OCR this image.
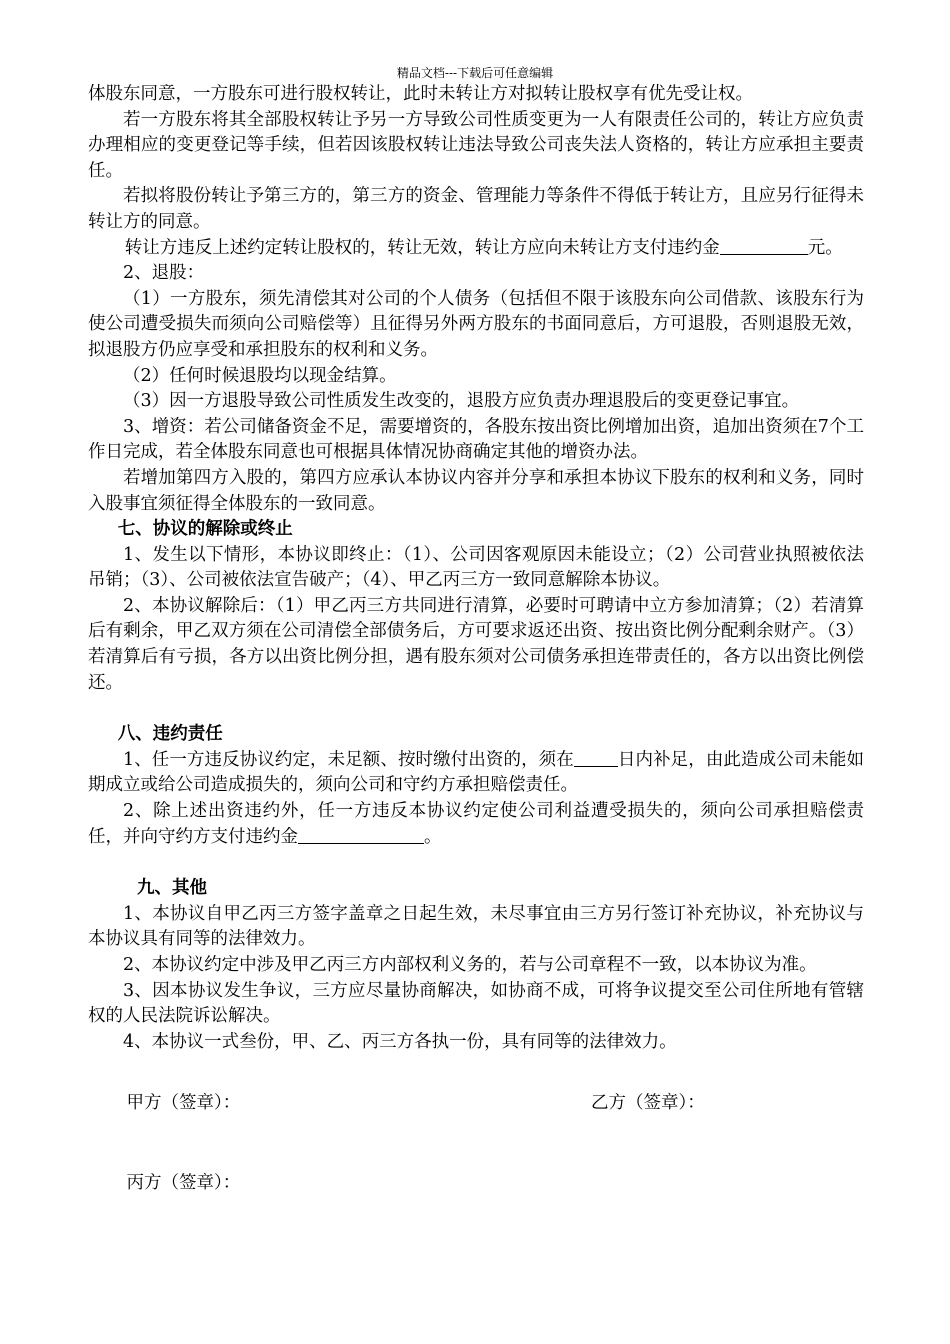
精品文档---下载后可任意编辑

体股东同意，一方股东可进行股权转让，此时未转让方对拟转让股权享有优先受让权。

若一方股东将其全部股权转让予另一方导致公司性质变更为一人有限责任公司的，转让方应负责办理相应的变更登记等手续，但若因该股权转让违法导致公司丧失法人资格的，转让方应承担主要责任。

若拟将股份转让予第三方的，第三方的资金、管理能力等条件不得低于转让方，且应另行征得未转让方的同意。

转让方违反上述约定转让股权的，转让无效，转让方应向未转让方支付违约金	元。

2、退股：

（1）一方股东，须先清偿其对公司的个人债务（包括但不限于该股东向公司借款、该股东行为使公司遭受损失而须向公司赔偿等）且征得另外两方股东的书面同意后，方可退股，否则退股无效，拟退股方仍应享受和承担股东的权利和义务。

（2）任何时候退股均以现金结算。

（3）因一方退股导致公司性质发生改变的，退股方应负责办理退股后的变更登记事宜。

3、增资：若公司储备资金不足，需要增资的，各股东按出资比例增加出资，追加出资须在7个工作日完成，若全体股东同意也可根据具体情况协商确定其他的增资办法。

若增加第四方入股的，第四方应承认本协议内容并分享和承担本协议下股东的权利和义务，同时入股事宜须征得全体股东的一致同意。

七、协议的解除或终止

1、发生以下情形，本协议即终止：（1）、公司因客观原因未能设立；（2）公司营业执照被依法吊销；（3）、公司被依法宣告破产；（4）、甲乙丙三方一致同意解除本协议。

2、本协议解除后：（1）甲乙丙三方共同进行清算，必要时可聘请中立方参加清算；（2）若清算后有剩余，甲乙双方须在公司清偿全部债务后，方可要求返还出资、按出资比例分配剩余财产。（3）若清算后有亏损，各方以出资比例分担，遇有股东须对公司债务承担连带责任的，各方以出资比例偿还。

八、违约责任

1、任一方违反协议约定，未足额、按时缴付出资的，须在	日内补足，由此造成公司未能如期成立或给公司造成损失的，须向公司和守约方承担赔偿责任。

2、除上述出资违约外，任一方违反本协议约定使公司利益遭受损失的，须向公司承担赔偿责任，并向守约方支付违约金	。

九、其他

1、本协议自甲乙丙三方签字盖章之日起生效，未尽事宜由三方另行签订补充协议，补充协议与本协议具有同等的法律效力。

2、本协议约定中涉及甲乙丙三方内部权利义务的，若与公司章程不一致，以本协议为准。

3、因本协议发生争议，三方应尽量协商解决，如协商不成，可将争议提交至公司住所地有管辖权的人民法院诉讼解决。

4、本协议一式叁份，甲、乙、丙三方各执一份，具有同等的法律效力。

甲方（签章）：	乙方（签章）：
丙方（签章）：
